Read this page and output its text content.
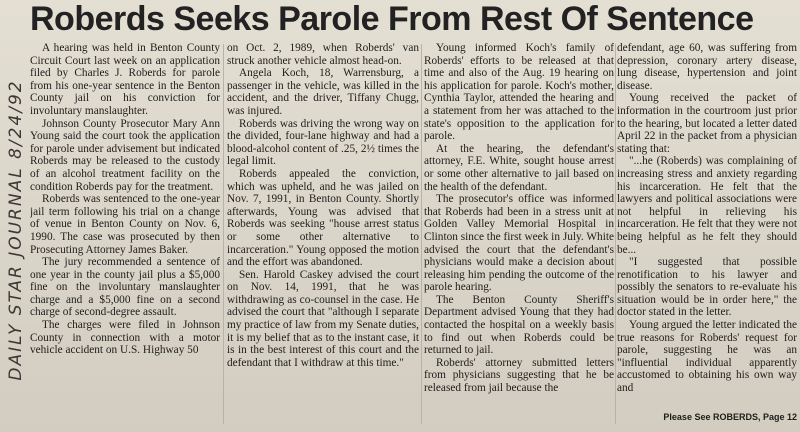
Roberds Seeks Parole From Rest Of Sentence
DAILY STAR JOURNAL 8/24/92

A hearing was held in Benton County Circuit Court last week on an application filed by Charles J. Roberds for parole from his one-year sentence in the Benton County jail on his conviction for involuntary manslaughter.

Johnson County Prosecutor Mary Ann Young said the court took the application for parole under advisement but indicated Roberds may be released to the custody of an alcohol treatment facility on the condition Roberds pay for the treatment.

Roberds was sentenced to the one-year jail term following his trial on a change of venue in Benton County on Nov. 6, 1990. The case was prosecuted by then Prosecuting Attorney James Baker.

The jury recommended a sentence of one year in the county jail plus a $5,000 fine on the involuntary manslaughter charge and a $5,000 fine on a second charge of second-degree assault.

The charges were filed in Johnson County in connection with a motor vehicle accident on U.S. Highway 50

on Oct. 2, 1989, when Roberds' van struck another vehicle almost head-on.

Angela Koch, 18, Warrensburg, a passenger in the vehicle, was killed in the accident, and the driver, Tiffany Chugg, was injured.

Roberds was driving the wrong way on the divided, four-lane highway and had a blood-alcohol content of .25, 2½ times the legal limit.

Roberds appealed the conviction, which was upheld, and he was jailed on Nov. 7, 1991, in Benton County. Shortly afterwards, Young was advised that Roberds was seeking "house arrest status or some other alternative to incarceration." Young opposed the motion and the effort was abandoned.

Sen. Harold Caskey advised the court on Nov. 14, 1991, that he was withdrawing as co-counsel in the case. He advised the court that "although I separate my practice of law from my Senate duties, it is my belief that as to the instant case, it is in the best interest of this court and the defendant that I withdraw at this time."

Young informed Koch's family of Roberds' efforts to be released at that time and also of the Aug. 19 hearing on his application for parole. Koch's mother, Cynthia Taylor, attended the hearing and a statement from her was attached to the state's opposition to the application for parole.

At the hearing, the defendant's attorney, F.E. White, sought house arrest or some other alternative to jail based on the health of the defendant.

The prosecutor's office was informed that Roberds had been in a stress unit at Golden Valley Memorial Hospital in Clinton since the first week in July. White advised the court that the defendant's physicians would make a decision about releasing him pending the outcome of the parole hearing.

The Benton County Sheriff's Department advised Young that they had contacted the hospital on a weekly basis to find out when Roberds could be returned to jail.

Roberds' attorney submitted letters from physicians suggesting that he be released from jail because the

defendant, age 60, was suffering from depression, coronary artery disease, lung disease, hypertension and joint disease.

Young received the packet of information in the courtroom just prior to the hearing, but located a letter dated April 22 in the packet from a physician stating that:

"...he (Roberds) was complaining of increasing stress and anxiety regarding his incarceration. He felt that the lawyers and political associations were not helpful in relieving his incarceration. He felt that they were not being helpful as he felt they should be...

"I suggested that possible renotification to his lawyer and possibly the senators to re-evaluate his situation would be in order here," the doctor stated in the letter.

Young argued the letter indicated the true reasons for Roberds' request for parole, suggesting he was an "influential individual apparently accustomed to obtaining his own way and

Please See ROBERDS, Page 12
